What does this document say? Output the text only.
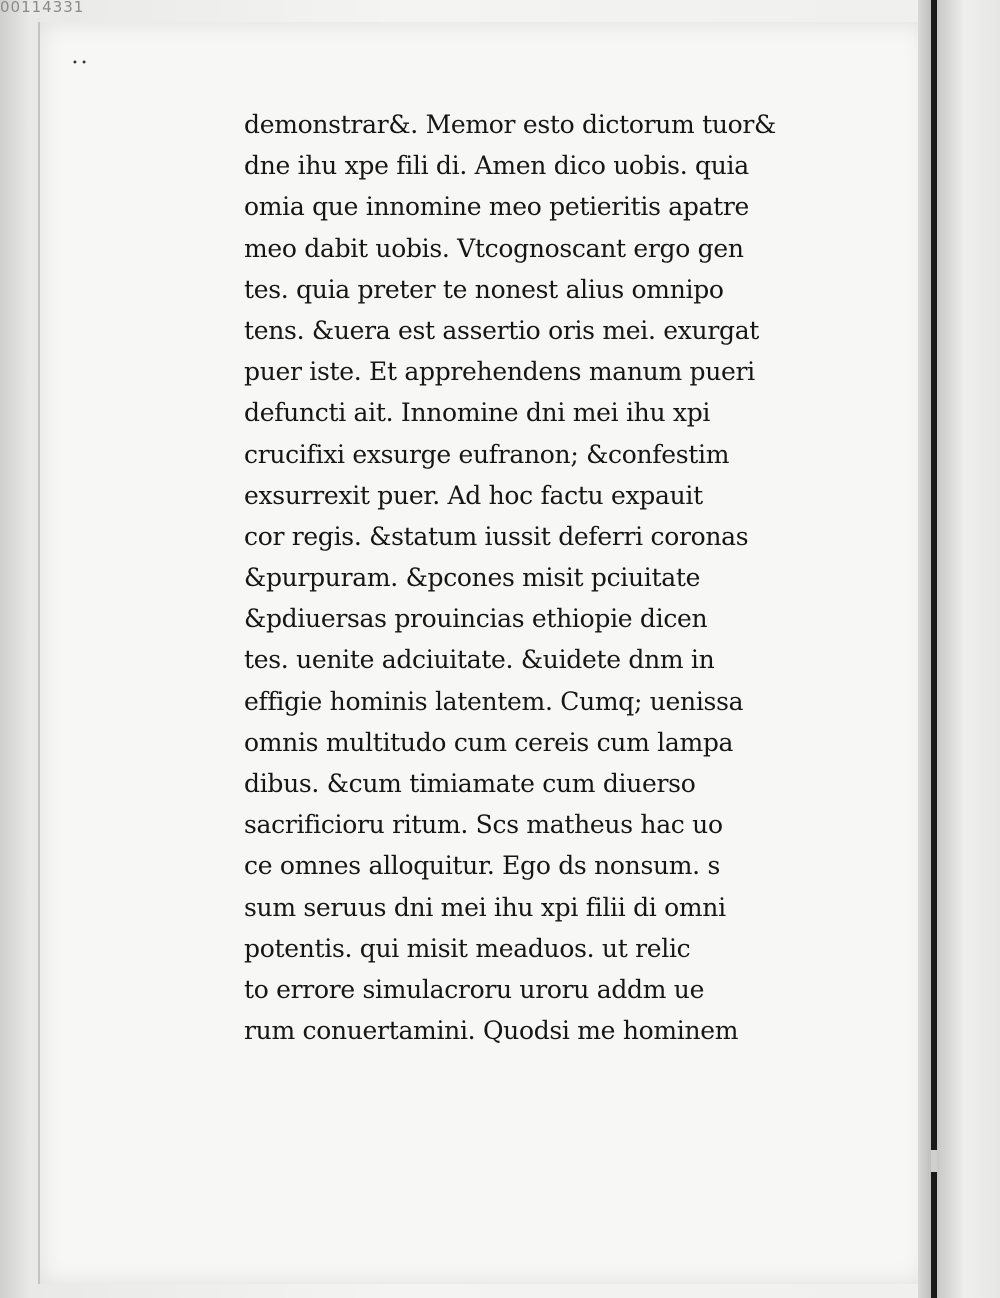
00114331
• •
demonstrar&. Memor esto dictorum tuor&
dne ihu xpe fili di. Amen dico uobis. quia
omia que innomine meo petieritis apatre
meo dabit uobis. Vtcognoscant ergo gen
tes. quia preter te nonest alius omnipo
tens. &uera est assertio oris mei. exurgat
puer iste. Et apprehendens manum pueri
defuncti ait. Innomine dni mei ihu xpi
crucifixi exsurge eufranon; &confestim
exsurrexit puer. Ad hoc factu expauit
cor regis. &statum iussit deferri coronas
&purpuram. &pcones misit pciuitate
&pdiuersas prouincias ethiopie dicen
tes. uenite adciuitate. &uidete dnm in
effigie hominis latentem. Cumq; uenissa
omnis multitudo cum cereis cum lampa
dibus. &cum timiamate cum diuerso
sacrificioru ritum. Scs matheus hac uo
ce omnes alloquitur. Ego ds nonsum. s
sum seruus dni mei ihu xpi filii di omni
potentis. qui misit meaduos. ut relic
to errore simulacroru uroru addm ue
rum conuertamini. Quodsi me hominem
